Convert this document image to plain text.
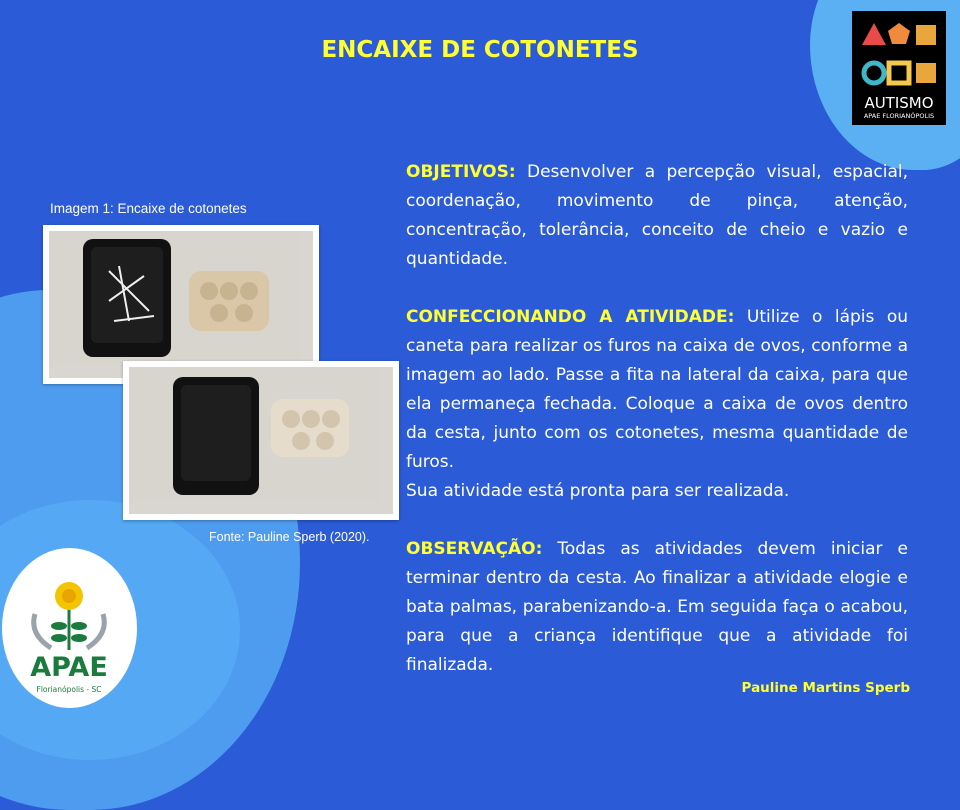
ENCAIXE DE COTONETES
AUTISMO
APAE FLORIANÓPOLIS
Imagem 1: Encaixe de cotonetes
Fonte: Pauline Sperb (2020).

OBJETIVOS: Desenvolver a percepção visual, espacial, coordenação, movimento de pinça, atenção, concentração, tolerância, conceito de cheio e vazio e quantidade.

CONFECCIONANDO A ATIVIDADE: Utilize o lápis ou caneta para realizar os furos na caixa de ovos, conforme a imagem ao lado. Passe a fita na lateral da caixa, para que ela permaneça fechada. Coloque a caixa de ovos dentro da cesta, junto com os cotonetes, mesma quantidade de furos.

Sua atividade está pronta para ser realizada.

OBSERVAÇÃO: Todas as atividades devem iniciar e terminar dentro da cesta. Ao finalizar a atividade elogie e bata palmas, parabenizando-a. Em seguida faça o acabou, para que a criança identifique que a atividade foi finalizada.

Pauline Martins Sperb
APAE
Florianópolis - SC
